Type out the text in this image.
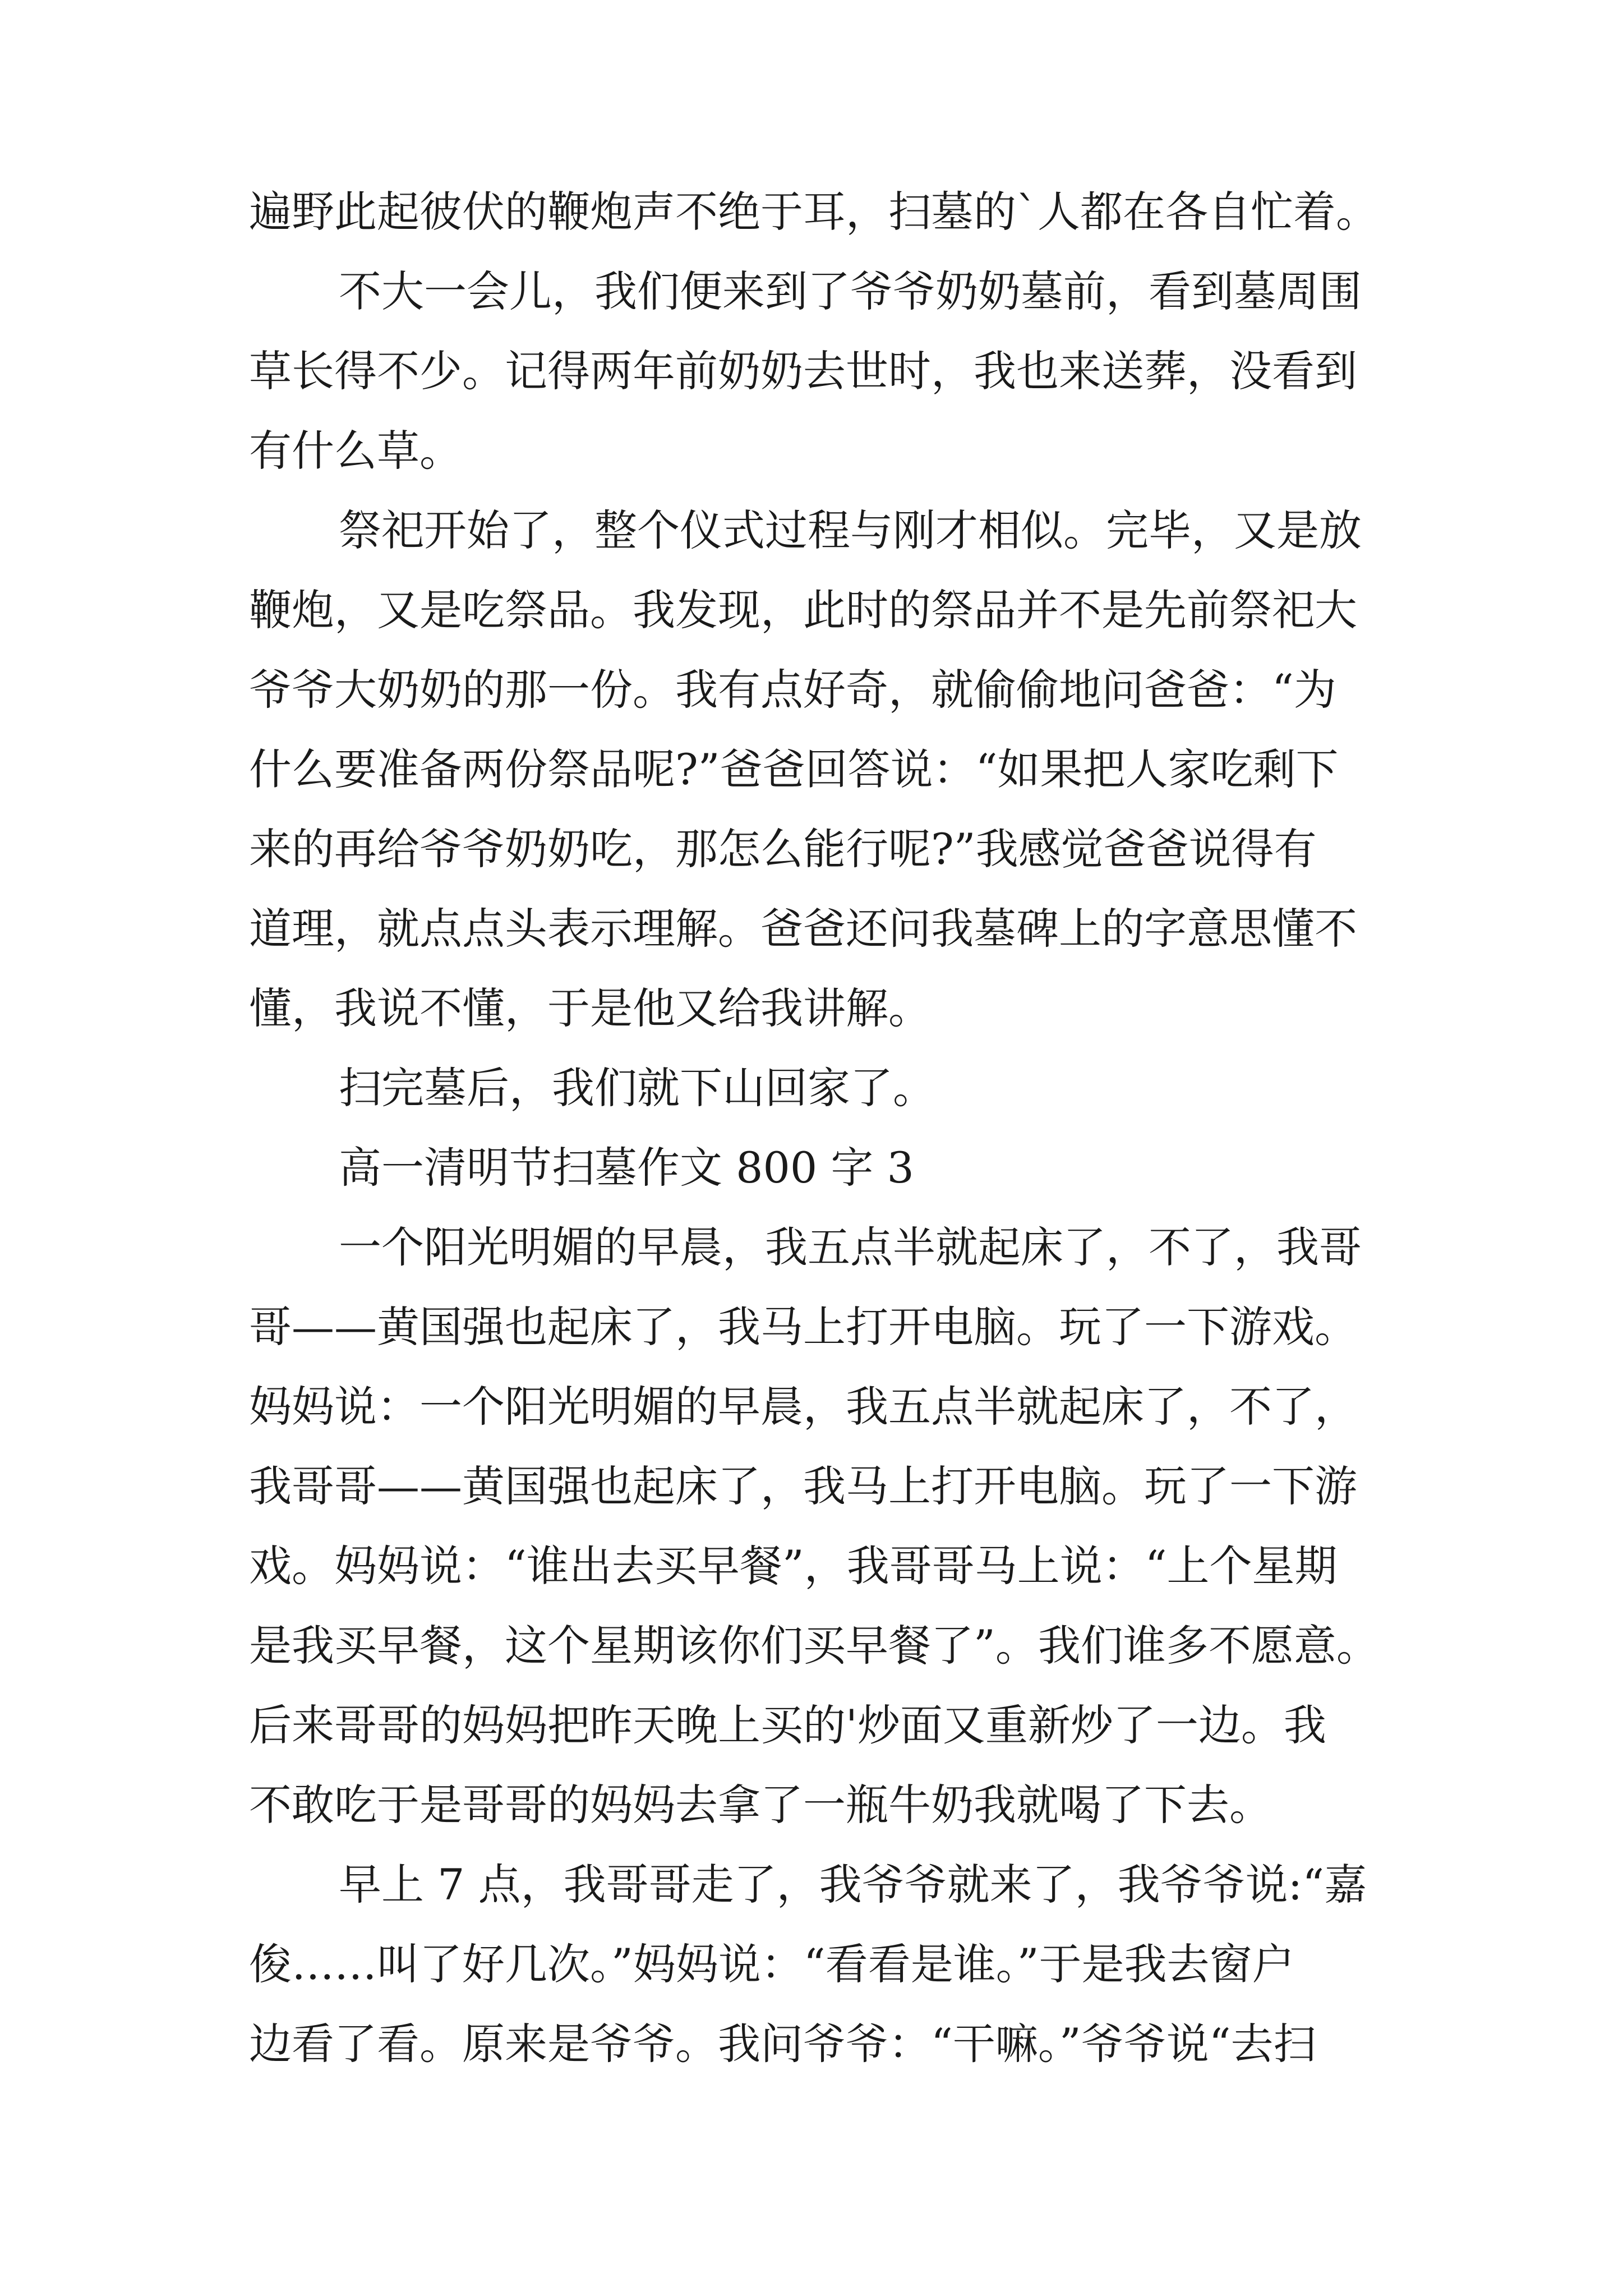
遍野此起彼伏的鞭炮声不绝于耳，扫墓的`人都在各自忙着。
不大一会儿，我们便来到了爷爷奶奶墓前，看到墓周围
草长得不少。记得两年前奶奶去世时，我也来送葬，没看到
有什么草。
祭祀开始了，整个仪式过程与刚才相似。完毕，又是放
鞭炮，又是吃祭品。我发现，此时的祭品并不是先前祭祀大
爷爷大奶奶的那一份。我有点好奇，就偷偷地问爸爸：“为
什么要准备两份祭品呢?”爸爸回答说：“如果把人家吃剩下
来的再给爷爷奶奶吃，那怎么能行呢?”我感觉爸爸说得有
道理，就点点头表示理解。爸爸还问我墓碑上的字意思懂不
懂，我说不懂，于是他又给我讲解。
扫完墓后，我们就下山回家了。
高一清明节扫墓作文 800 字 3
一个阳光明媚的早晨，我五点半就起床了，不了，我哥
哥——黄国强也起床了，我马上打开电脑。玩了一下游戏。
妈妈说：一个阳光明媚的早晨，我五点半就起床了，不了，
我哥哥——黄国强也起床了，我马上打开电脑。玩了一下游
戏。妈妈说：“谁出去买早餐”，我哥哥马上说：“上个星期
是我买早餐，这个星期该你们买早餐了”。我们谁多不愿意。
后来哥哥的妈妈把昨天晚上买的'炒面又重新炒了一边。我
不敢吃于是哥哥的妈妈去拿了一瓶牛奶我就喝了下去。
早上 7 点，我哥哥走了，我爷爷就来了，我爷爷说:“嘉
俊……叫了好几次。”妈妈说：“看看是谁。”于是我去窗户
边看了看。原来是爷爷。我问爷爷：“干嘛。”爷爷说“去扫
